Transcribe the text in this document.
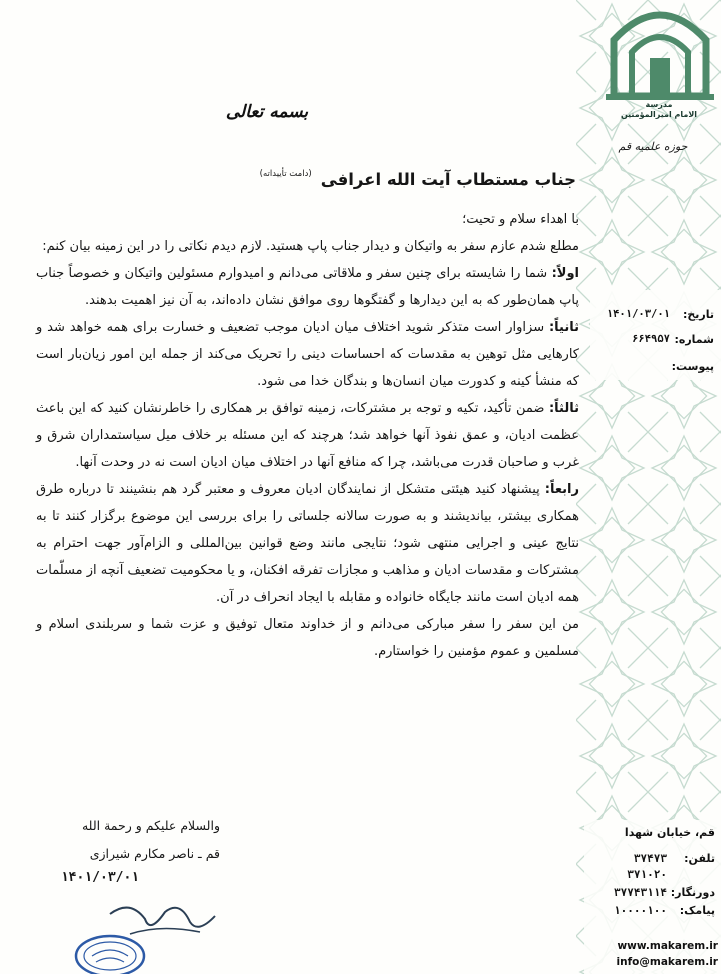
مدرسة
الامام امیرالمؤمنین
حوزه علمیه قم
تاریخ:
۱۴۰۱/۰۳/۰۱
شماره:
۶۶۴۹۵۷
پیوست:
بسمه تعالی
جناب مستطاب آیت الله اعرافی $^{(دامت تأییداته)}$

با اهداء سلام و تحیت؛

مطلع شدم عازم سفر به واتیکان و دیدار جناب پاپ هستید. لازم دیدم نکاتی را در این زمینه بیان کنم:

اولاً: شما را شایسته برای چنین سفر و ملاقاتی می‌دانم و امیدوارم مسئولین واتیکان و خصوصاً جناب پاپ همان‌طور که به این دیدارها و گفتگوها روی موافق نشان داده‌اند، به آن نیز اهمیت بدهند.

ثانیاً: سزاوار است متذکر شوید اختلاف میان ادیان موجب تضعیف و خسارت برای همه خواهد شد و کارهایی مثل توهین به مقدسات که احساسات دینی را تحریک می‌کند از جمله این امور زیان‌بار است که منشأ کینه و کدورت میان انسان‌ها و بندگان خدا می شود.

ثالثاً: ضمن تأکید، تکیه و توجه بر مشترکات، زمینه توافق بر همکاری را خاطرنشان کنید که این باعث عظمت ادیان، و عمق نفوذ آنها خواهد شد؛ هرچند که این مسئله بر خلاف میل سیاستمداران شرق و غرب و صاحبان قدرت می‌باشد، چرا که منافع آنها در اختلاف میان ادیان است نه در وحدت آنها.

رابعاً: پیشنهاد کنید هیئتی متشکل از نمایندگان ادیان معروف و معتبر گرد هم بنشینند تا درباره طرق همکاری بیشتر، بیاندیشند و به صورت سالانه جلساتی را برای بررسی این موضوع برگزار کنند تا به نتایج عینی و اجرایی منتهی شود؛ نتایجی مانند وضع قوانین بین‌المللی و الزام‌آور جهت احترام به مشترکات و مقدسات ادیان و مذاهب و مجازات تفرقه افکنان، و یا محکومیت تضعیف آنچه از مسلّمات همه ادیان است مانند جایگاه خانواده و مقابله با ایجاد انحراف در آن.

من این سفر را سفر مبارکی می‌دانم و از خداوند متعال توفیق و عزت شما و سربلندی اسلام و مسلمین و عموم مؤمنین را خواستارم.

والسلام علیکم و رحمة الله
قم ـ ناصر مکارم شیرازی
۱۴۰۱/۰۳/۰۱
قم، خیابان شهدا
تلفن:
۳۷۴۷۳
۳۷۱۰۲۰
دورنگار:
۳۷۷۴۳۱۱۴
پیامک:
۱۰۰۰۰۱۰۰
www.makarem.ir
info@makarem.ir
